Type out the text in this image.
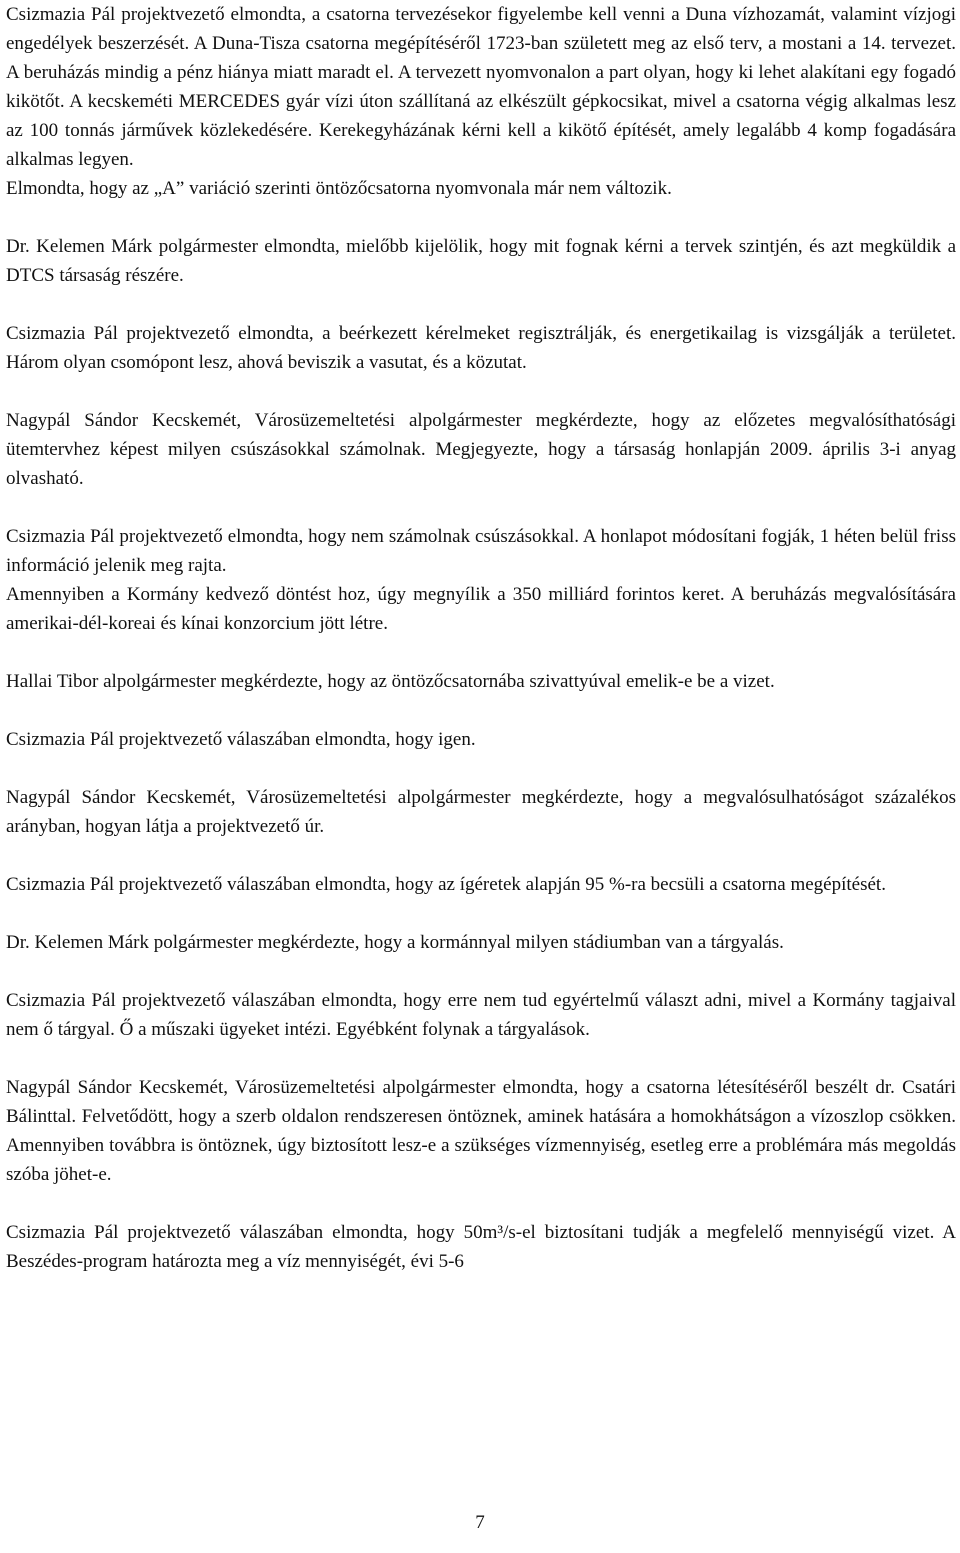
Csizmazia Pál projektvezető elmondta, a csatorna tervezésekor figyelembe kell venni a Duna vízhozamát, valamint vízjogi engedélyek beszerzését. A Duna-Tisza csatorna megépítéséről 1723-ban született meg az első terv, a mostani a 14. tervezet. A beruházás mindig a pénz hiánya miatt maradt el. A tervezett nyomvonalon a part olyan, hogy ki lehet alakítani egy fogadó kikötőt. A kecskeméti MERCEDES gyár vízi úton szállítaná az elkészült gépkocsikat, mivel a csatorna végig alkalmas lesz az 100 tonnás járművek közlekedésére. Kerekegyházának kérni kell a kikötő építését, amely legalább 4 komp fogadására alkalmas legyen.

Elmondta, hogy az „A” variáció szerinti öntözőcsatorna nyomvonala már nem változik.

Dr. Kelemen Márk polgármester elmondta, mielőbb kijelölik, hogy mit fognak kérni a tervek szintjén, és azt megküldik a DTCS társaság részére.

Csizmazia Pál projektvezető elmondta, a beérkezett kérelmeket regisztrálják, és energetikailag is vizsgálják a területet. Három olyan csomópont lesz, ahová beviszik a vasutat, és a közutat.

Nagypál Sándor Kecskemét, Városüzemeltetési alpolgármester megkérdezte, hogy az előzetes megvalósíthatósági ütemtervhez képest milyen csúszásokkal számolnak. Megjegyezte, hogy a társaság honlapján 2009. április 3-i anyag olvasható.

Csizmazia Pál projektvezető elmondta, hogy nem számolnak csúszásokkal. A honlapot módosítani fogják, 1 héten belül friss információ jelenik meg rajta.

Amennyiben a Kormány kedvező döntést hoz, úgy megnyílik a 350 milliárd forintos keret. A beruházás megvalósítására amerikai-dél-koreai és kínai konzorcium jött létre.

Hallai Tibor alpolgármester megkérdezte, hogy az öntözőcsatornába szivattyúval emelik-e be a vizet.

Csizmazia Pál projektvezető válaszában elmondta, hogy igen.

Nagypál Sándor Kecskemét, Városüzemeltetési alpolgármester megkérdezte, hogy a megvalósulhatóságot százalékos arányban, hogyan látja a projektvezető úr.

Csizmazia Pál projektvezető válaszában elmondta, hogy az ígéretek alapján 95 %-ra becsüli a csatorna megépítését.

Dr. Kelemen Márk polgármester megkérdezte, hogy a kormánnyal milyen stádiumban van a tárgyalás.

Csizmazia Pál projektvezető válaszában elmondta, hogy erre nem tud egyértelmű választ adni, mivel a Kormány tagjaival nem ő tárgyal. Ő a műszaki ügyeket intézi. Egyébként folynak a tárgyalások.

Nagypál Sándor Kecskemét, Városüzemeltetési alpolgármester elmondta, hogy a csatorna létesítéséről beszélt dr. Csatári Bálinttal. Felvetődött, hogy a szerb oldalon rendszeresen öntöznek, aminek hatására a homokhátságon a vízoszlop csökken. Amennyiben továbbra is öntöznek, úgy biztosított lesz-e a szükséges vízmennyiség, esetleg erre a problémára más megoldás szóba jöhet-e.

Csizmazia Pál projektvezető válaszában elmondta, hogy 50m³/s-el biztosítani tudják a megfelelő mennyiségű vizet. A Beszédes-program határozta meg a víz mennyiségét, évi 5-6

7
